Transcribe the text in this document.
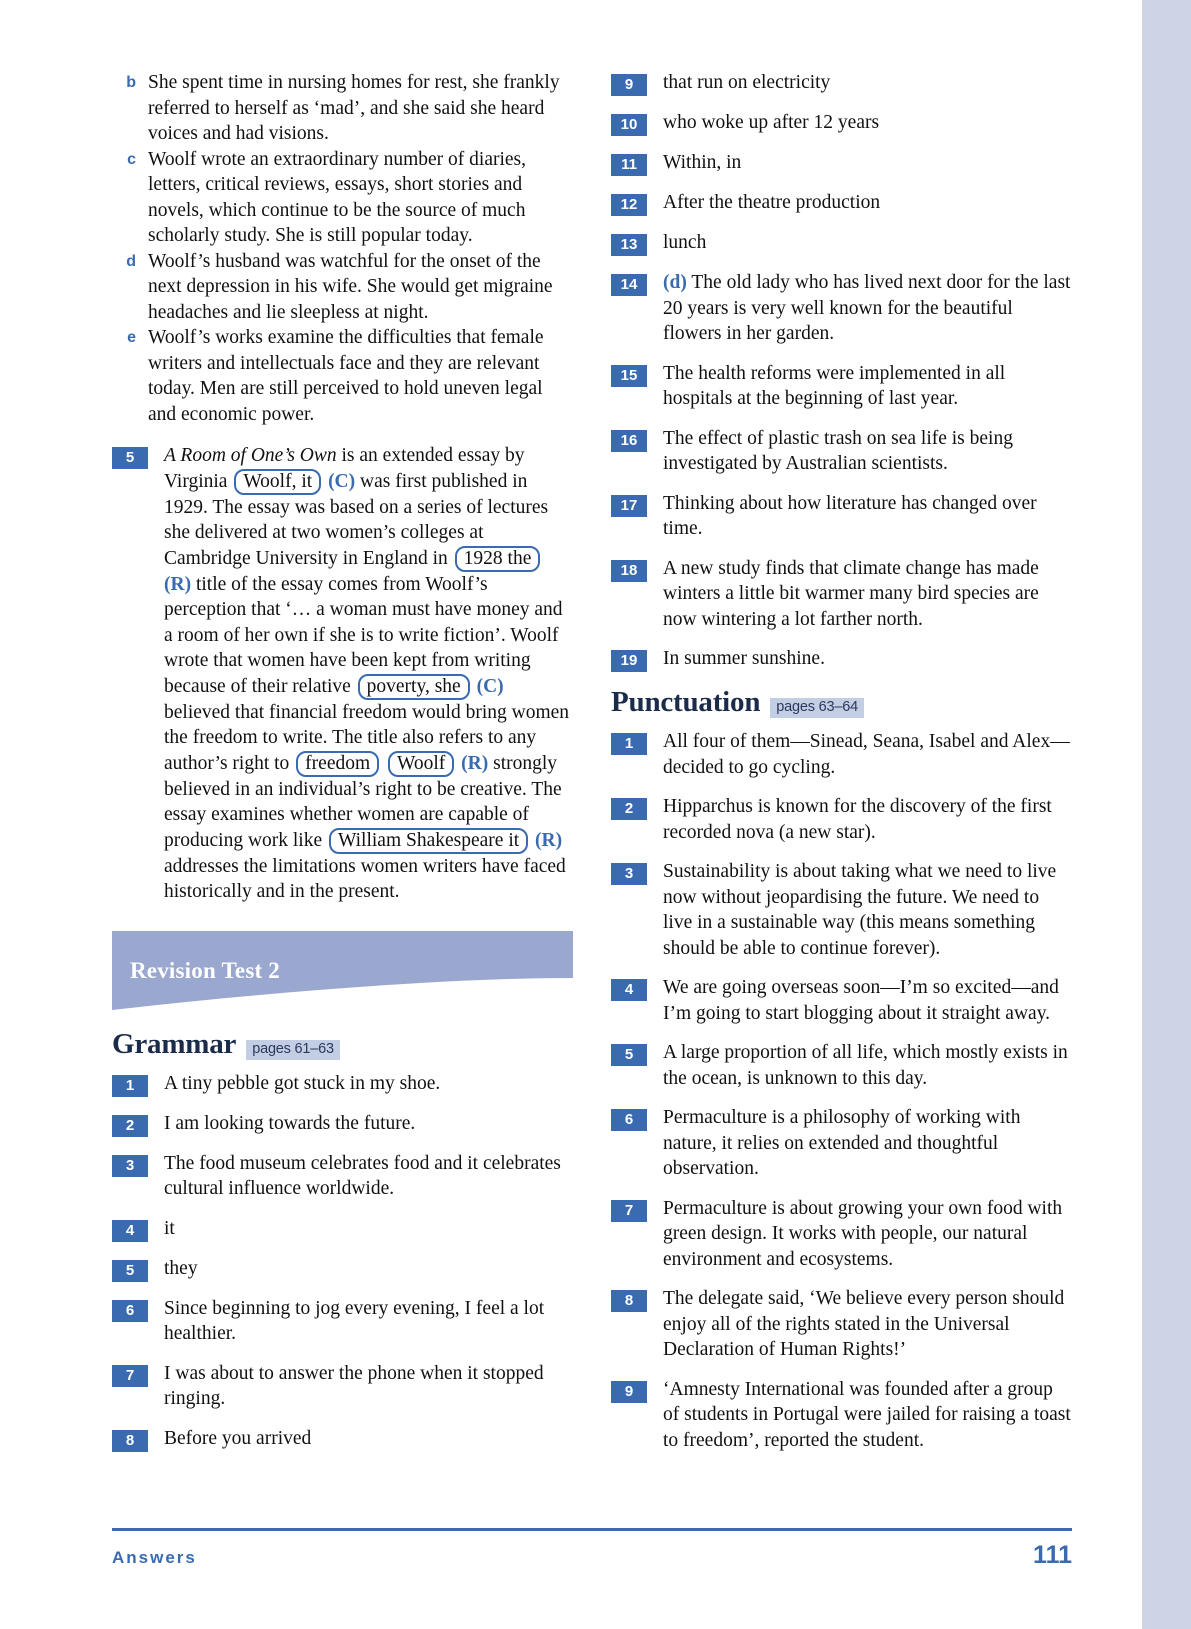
b She spent time in nursing homes for rest, she frankly referred to herself as ‘mad’, and she said she heard voices and had visions.
c Woolf wrote an extraordinary number of diaries, letters, critical reviews, essays, short stories and novels, which continue to be the source of much scholarly study. She is still popular today.
d Woolf’s husband was watchful for the onset of the next depression in his wife. She would get migraine headaches and lie sleepless at night.
e Woolf’s works examine the difficulties that female writers and intellectuals face and they are relevant today. Men are still perceived to hold uneven legal and economic power.
5	A Room of One’s Own is an extended essay by Virginia Woolf, it (C) was first published in 1929. The essay was based on a series of lectures she delivered at two women’s colleges at Cambridge University in England in 1928 the (R) title of the essay comes from Woolf’s perception that ‘… a woman must have money and a room of her own if she is to write fiction’. Woolf wrote that women have been kept from writing because of their relative poverty, she (C) believed that financial freedom would bring women the freedom to write. The title also refers to any author’s right to freedom Woolf (R) strongly believed in an individual’s right to be creative. The essay examines whether women are capable of producing work like William Shakespeare it (R) addresses the limitations women writers have faced historically and in the present.
Revision Test 2
Grammar	pages 61–63
1	A tiny pebble got stuck in my shoe.
2	I am looking towards the future.
3	The food museum celebrates food and it celebrates cultural influence worldwide.
4	it
5	they
6	Since beginning to jog every evening, I feel a lot healthier.
7	I was about to answer the phone when it stopped ringing.
8	Before you arrived
9	that run on electricity
10	who woke up after 12 years
11	Within, in
12	After the theatre production
13	lunch
14	(d) The old lady who has lived next door for the last 20 years is very well known for the beautiful flowers in her garden.
15	The health reforms were implemented in all hospitals at the beginning of last year.
16	The effect of plastic trash on sea life is being investigated by Australian scientists.
17	Thinking about how literature has changed over time.
18	A new study finds that climate change has made winters a little bit warmer many bird species are now wintering a lot farther north.
19	In summer sunshine.
Punctuation	pages 63–64
1	All four of them—Sinead, Seana, Isabel and Alex—decided to go cycling.
2	Hipparchus is known for the discovery of the first recorded nova (a new star).
3	Sustainability is about taking what we need to live now without jeopardising the future. We need to live in a sustainable way (this means something should be able to continue forever).
4	We are going overseas soon—I’m so excited—and I’m going to start blogging about it straight away.
5	A large proportion of all life, which mostly exists in the ocean, is unknown to this day.
6	Permaculture is a philosophy of working with nature, it relies on extended and thoughtful observation.
7	Permaculture is about growing your own food with green design. It works with people, our natural environment and ecosystems.
8	The delegate said, ‘We believe every person should enjoy all of the rights stated in the Universal Declaration of Human Rights!’
9	‘Amnesty International was founded after a group of students in Portugal were jailed for raising a toast to freedom’, reported the student.
Answers	111
